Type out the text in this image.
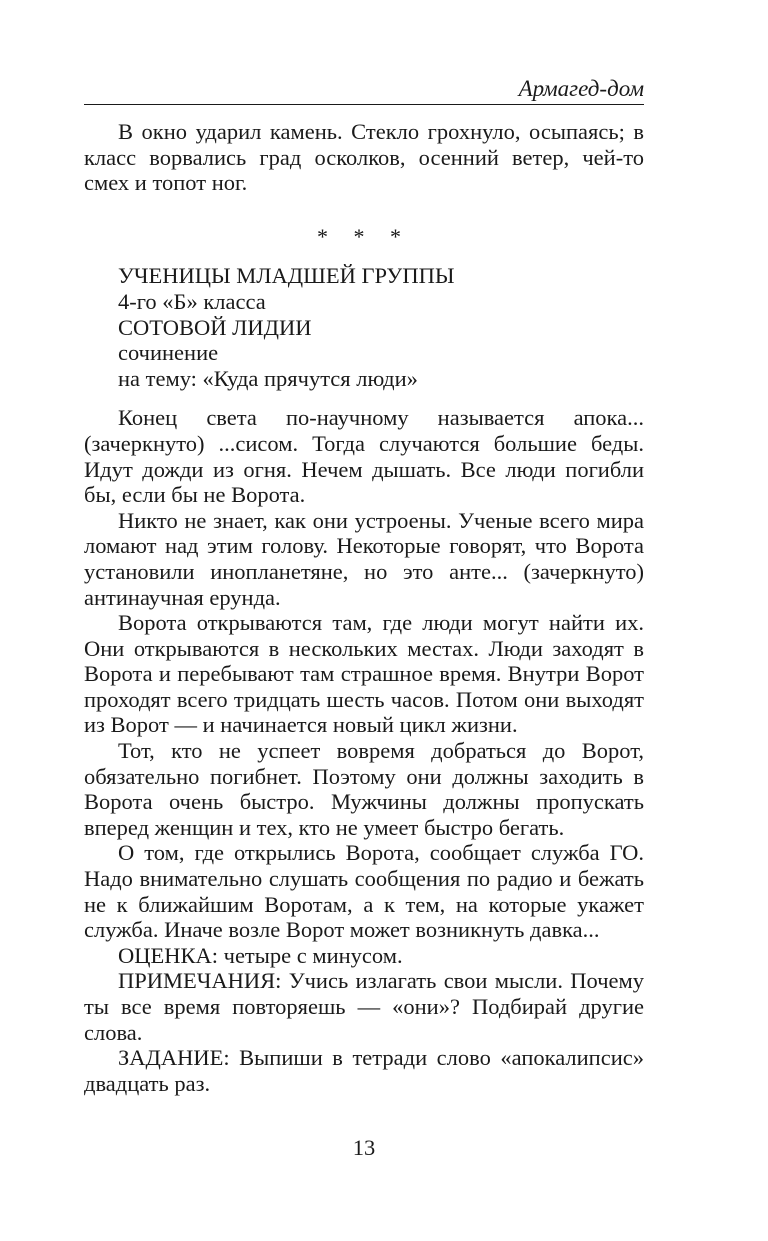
Армагед-дом

В окно ударил камень. Стекло грохнуло, осыпаясь; в класс ворвались град осколков, осенний ветер, чей-то смех и топот ног.

* * *
УЧЕНИЦЫ МЛАДШЕЙ ГРУППЫ
4-го «Б» класса
СОТОВОЙ ЛИДИИ
сочинение
на тему: «Куда прячутся люди»

Конец света по-научному называется апока... (зачеркнуто) ...сисом. Тогда случаются большие беды. Идут дожди из огня. Нечем дышать. Все люди погибли бы, если бы не Ворота.

Никто не знает, как они устроены. Ученые всего мира ломают над этим голову. Некоторые говорят, что Ворота установили инопланетяне, но это анте... (зачеркнуто) антинаучная ерунда.

Ворота открываются там, где люди могут найти их. Они открываются в нескольких местах. Люди заходят в Ворота и перебывают там страшное время. Внутри Ворот проходят всего тридцать шесть часов. Потом они выходят из Ворот — и начинается новый цикл жизни.

Тот, кто не успеет вовремя добраться до Ворот, обязательно погибнет. Поэтому они должны заходить в Ворота очень быстро. Мужчины должны пропускать вперед женщин и тех, кто не умеет быстро бегать.

О том, где открылись Ворота, сообщает служба ГО. Надо внимательно слушать сообщения по радио и бежать не к ближайшим Воротам, а к тем, на которые укажет служба. Иначе возле Ворот может возникнуть давка...

ОЦЕНКА: четыре с минусом.

ПРИМЕЧАНИЯ: Учись излагать свои мысли. Почему ты все время повторяешь — «они»? Подбирай другие слова.

ЗАДАНИЕ: Выпиши в тетради слово «апокалипсис» двадцать раз.

13
